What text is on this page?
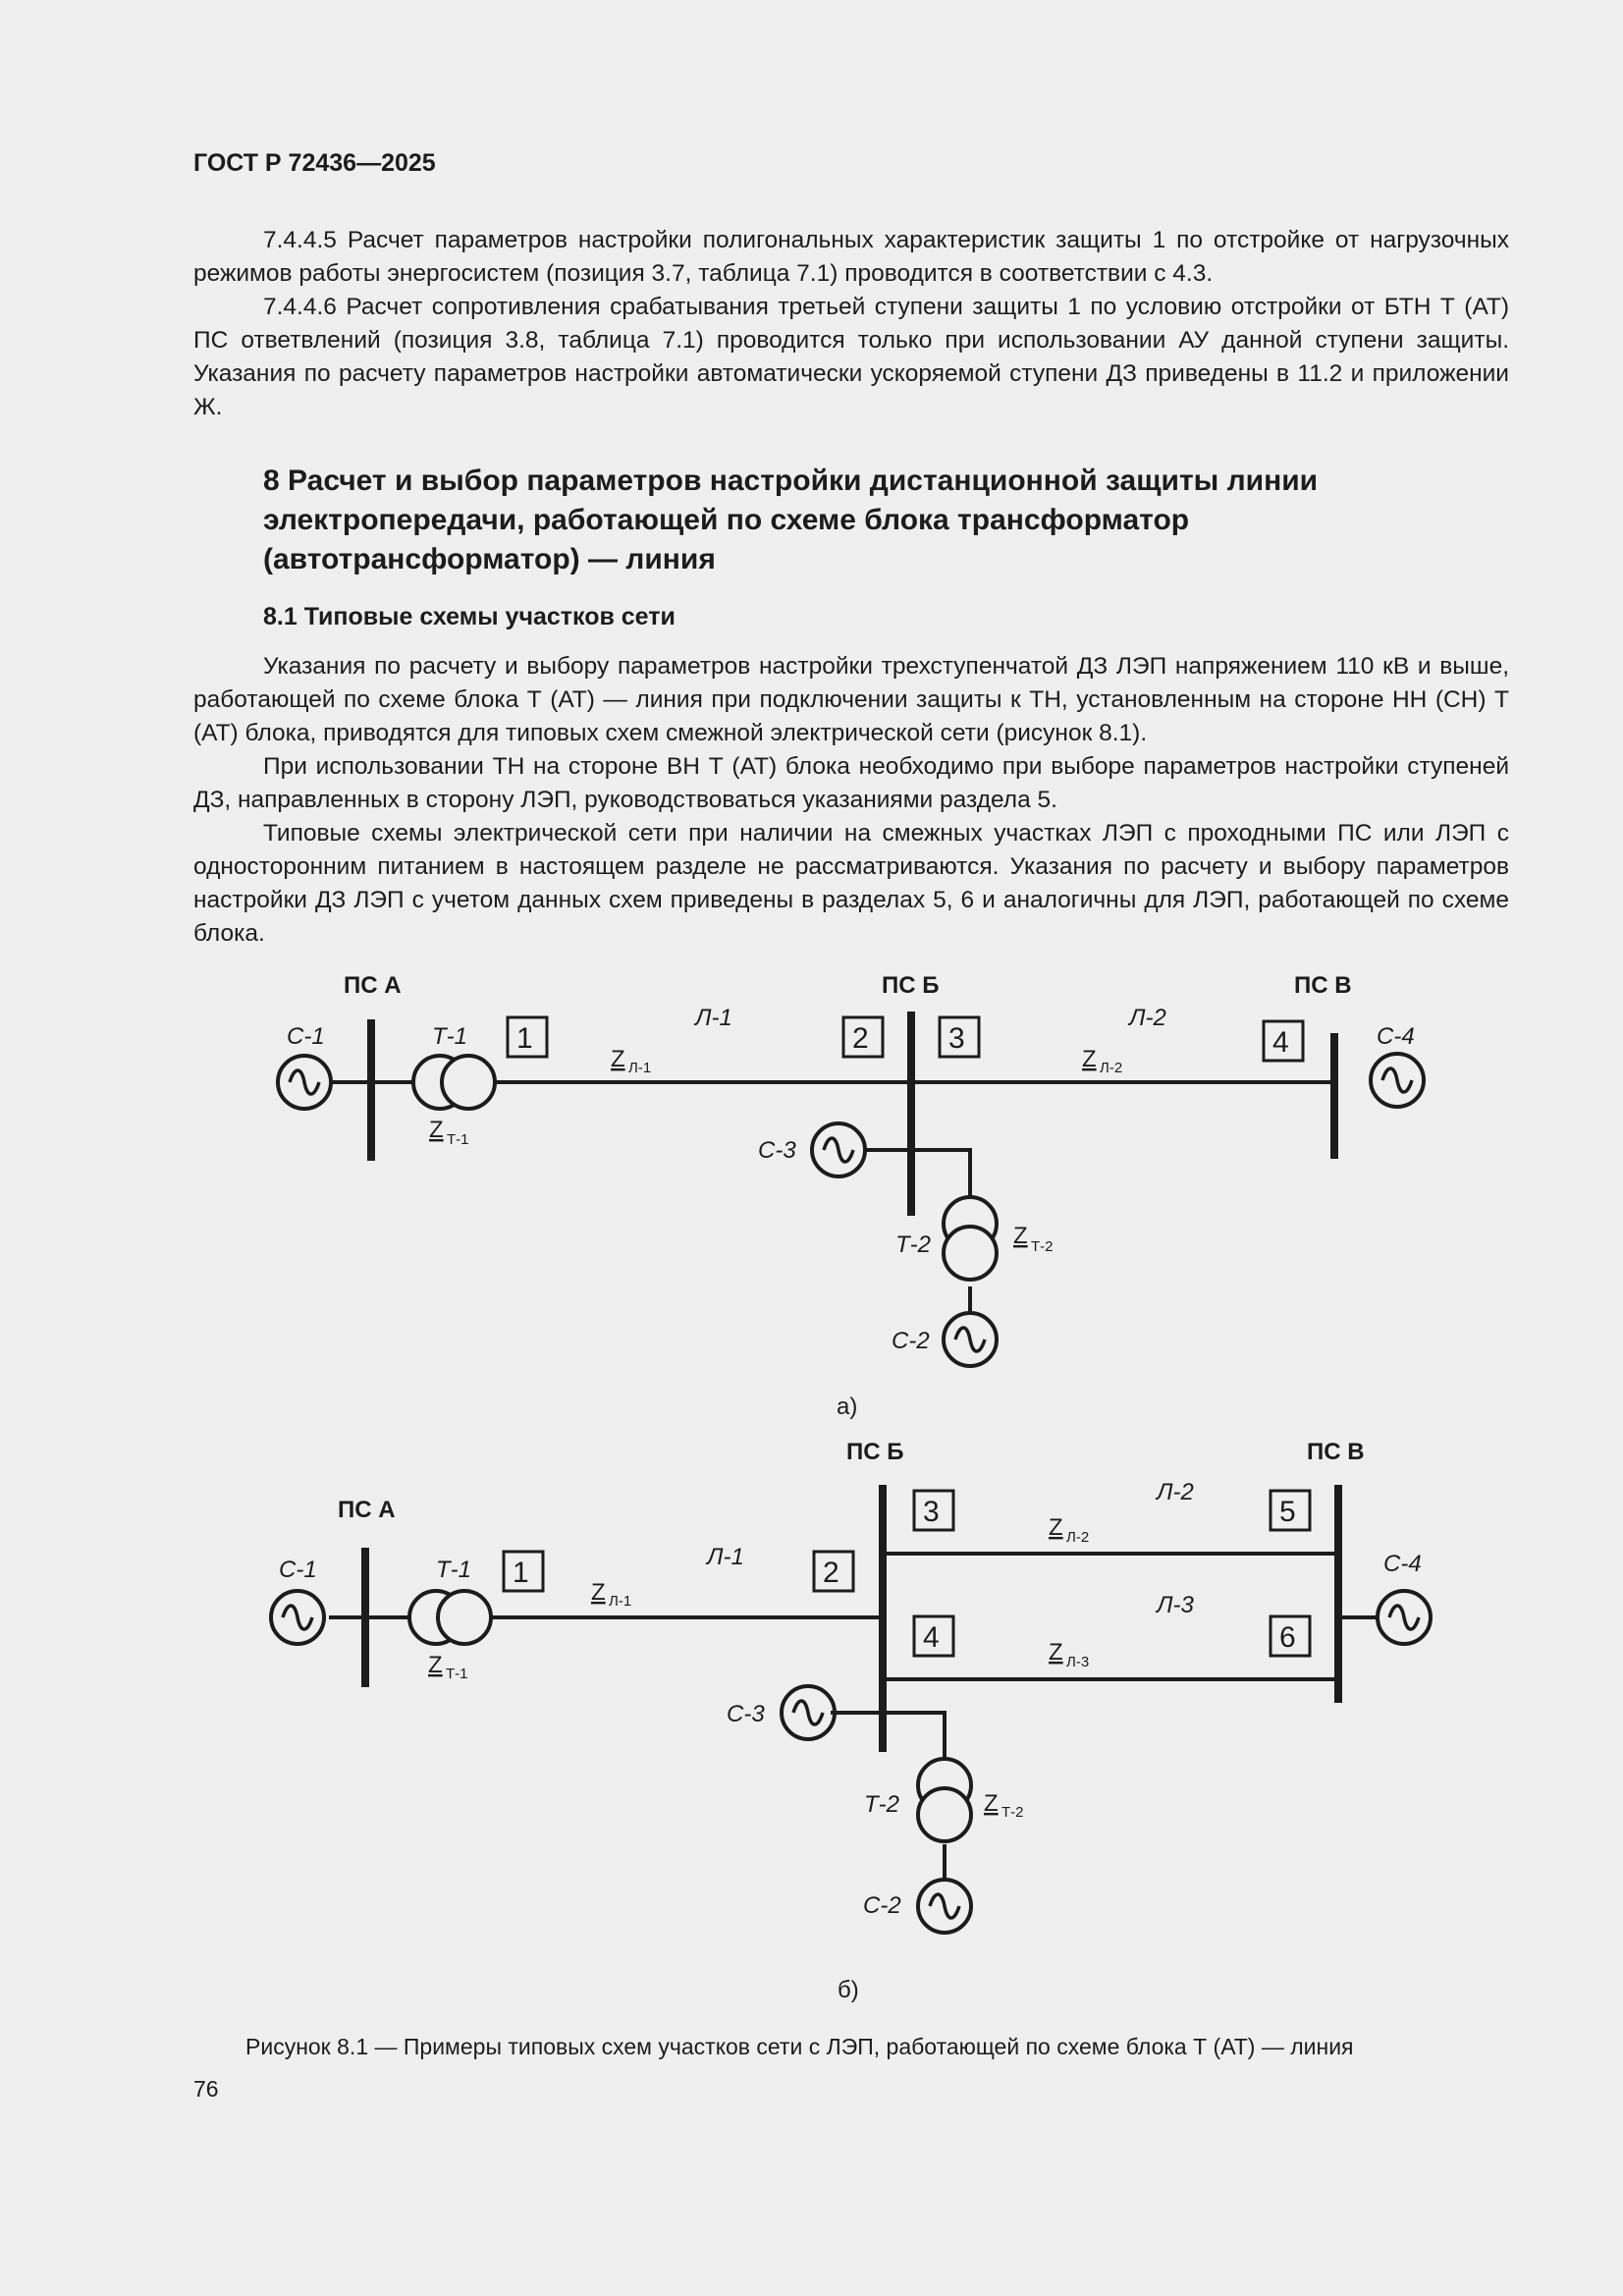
ГОСТ Р 72436—2025

7.4.4.5 Расчет параметров настройки полигональных характеристик защиты 1 по отстройке от нагрузочных режимов работы энергосистем (позиция 3.7, таблица 7.1) проводится в соответствии с 4.3.

7.4.4.6 Расчет сопротивления срабатывания третьей ступени защиты 1 по условию отстройки от БТН Т (АТ) ПС ответвлений (позиция 3.8, таблица 7.1) проводится только при использовании АУ данной ступени защиты. Указания по расчету параметров настройки автоматически ускоряемой ступени ДЗ приведены в 11.2 и приложении Ж.

8 Расчет и выбор параметров настройки дистанционной защиты линии электропередачи, работающей по схеме блока трансформатор (автотрансформатор) — линия
8.1 Типовые схемы участков сети

Указания по расчету и выбору параметров настройки трехступенчатой ДЗ ЛЭП напряжением 110 кВ и выше, работающей по схеме блока Т (АТ) — линия при подключении защиты к ТН, установленным на стороне НН (СН) Т (АТ) блока, приводятся для типовых схем смежной электрической сети (рисунок 8.1).

При использовании ТН на стороне ВН Т (АТ) блока необходимо при выборе параметров настройки ступеней ДЗ, направленных в сторону ЛЭП, руководствоваться указаниями раздела 5.

Типовые схемы электрической сети при наличии на смежных участках ЛЭП с проходными ПС или ЛЭП с односторонним питанием в настоящем разделе не рассматриваются. Указания по расчету и выбору параметров настройки ДЗ ЛЭП с учетом данных схем приведены в разделах 5, 6 и аналогичны для ЛЭП, работающей по схеме блока.

ПС А	ПС Б	ПС В
С-1
С-3
С-2
С-4
Т-1
Т-2
Л-1	Л-2
1	2	3	4
Z Л-1	Z Л-2
Z Т-1
Z Т-2
а)
ПС А
ПС Б	ПС В
С-1
С-3
С-2
С-4
Т-1
Т-2
Л-1
Л-2
Л-3
1	2
3
4
5
6
Z Л-1
Z Л-2
Z Л-3
Z Т-1
Z Т-2
б)
Рисунок 8.1 — Примеры типовых схем участков сети с ЛЭП, работающей по схеме блока Т (АТ) — линия
76
